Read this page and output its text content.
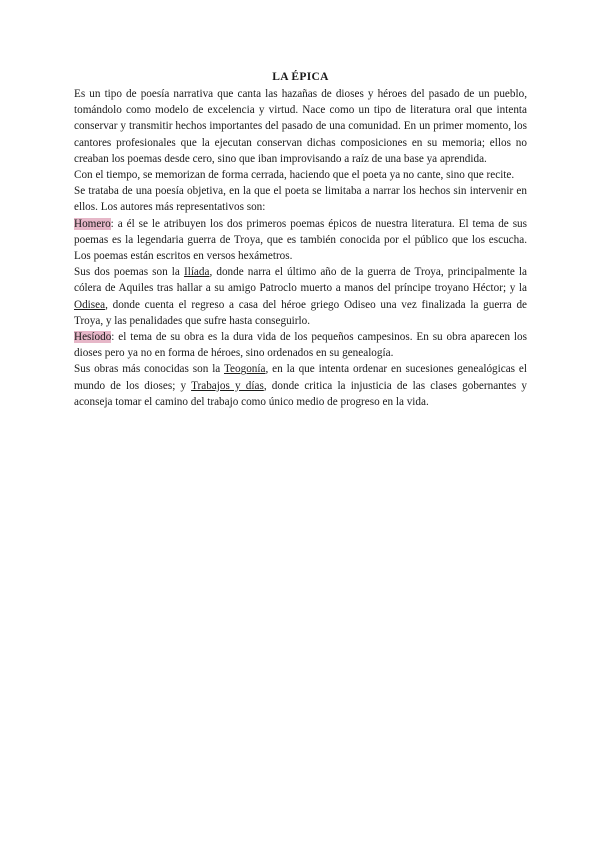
LA ÉPICA

Es un tipo de poesía narrativa que canta las hazañas de dioses y héroes del pasado de un pueblo, tomándolo como modelo de excelencia y virtud. Nace como un tipo de literatura oral que intenta conservar y transmitir hechos importantes del pasado de una comunidad. En un primer momento, los cantores profesionales que la ejecutan conservan dichas composiciones en su memoria; ellos no creaban los poemas desde cero, sino que iban improvisando a raíz de una base ya aprendida.

Con el tiempo, se memorizan de forma cerrada, haciendo que el poeta ya no cante, sino que recite.

Se trataba de una poesía objetiva, en la que el poeta se limitaba a narrar los hechos sin intervenir en ellos. Los autores más representativos son:

Homero: a él se le atribuyen los dos primeros poemas épicos de nuestra literatura. El tema de sus poemas es la legendaria guerra de Troya, que es también conocida por el público que los escucha. Los poemas están escritos en versos hexámetros.

Sus dos poemas son la Ilíada, donde narra el último año de la guerra de Troya, principalmente la cólera de Aquiles tras hallar a su amigo Patroclo muerto a manos del príncipe troyano Héctor; y la Odisea, donde cuenta el regreso a casa del héroe griego Odiseo una vez finalizada la guerra de Troya, y las penalidades que sufre hasta conseguirlo.

Hesíodo: el tema de su obra es la dura vida de los pequeños campesinos. En su obra aparecen los dioses pero ya no en forma de héroes, sino ordenados en su genealogía.

Sus obras más conocidas son la Teogonía, en la que intenta ordenar en sucesiones genealógicas el mundo de los dioses; y Trabajos y días, donde critica la injusticia de las clases gobernantes y aconseja tomar el camino del trabajo como único medio de progreso en la vida.
